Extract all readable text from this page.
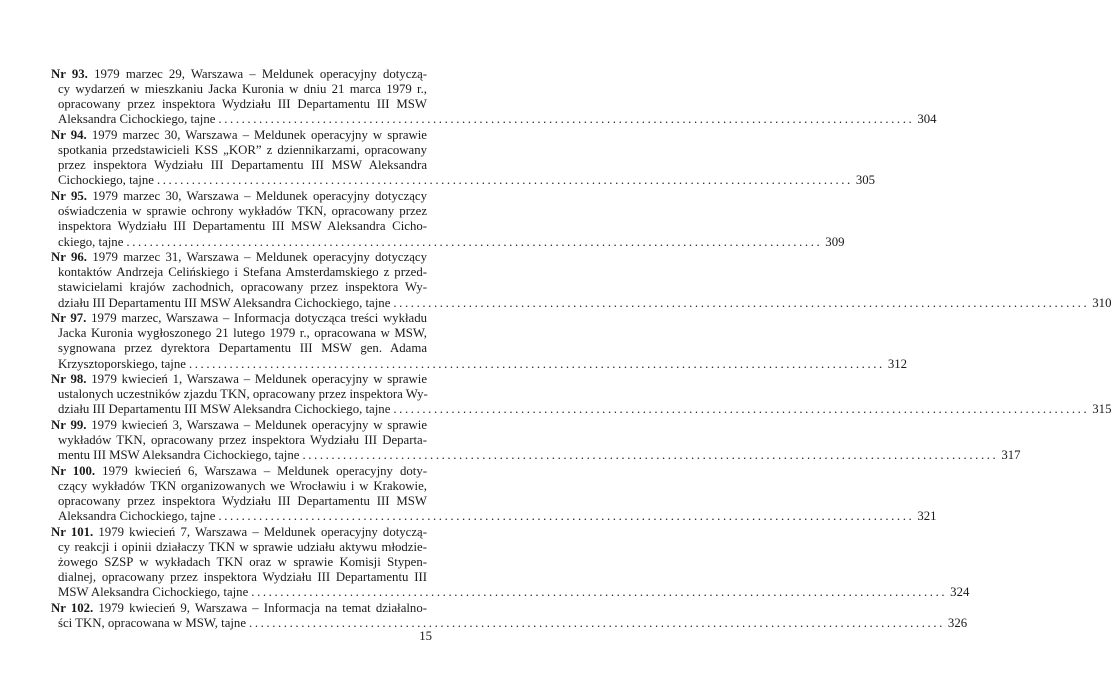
Nr 93. 1979 marzec 29, Warszawa – Meldunek operacyjny dotyczą-
cy wydarzeń w mieszkaniu Jacka Kuronia w dniu 21 marca 1979 r.,
opracowany przez inspektora Wydziału III Departamentu III MSW
Aleksandra Cichockiego, tajne ........................................................................................................................ 304
Nr 94. 1979 marzec 30, Warszawa – Meldunek operacyjny w sprawie
spotkania przedstawicieli KSS „KOR” z dziennikarzami, opracowany
przez inspektora Wydziału III Departamentu III MSW Aleksandra
Cichockiego, tajne ........................................................................................................................ 305
Nr 95. 1979 marzec 30, Warszawa – Meldunek operacyjny dotyczący
oświadczenia w sprawie ochrony wykładów TKN, opracowany przez
inspektora Wydziału III Departamentu III MSW Aleksandra Cicho-
ckiego, tajne ........................................................................................................................ 309
Nr 96. 1979 marzec 31, Warszawa – Meldunek operacyjny dotyczący
kontaktów Andrzeja Celińskiego i Stefana Amsterdamskiego z przed-
stawicielami krajów zachodnich, opracowany przez inspektora Wy-
działu III Departamentu III MSW Aleksandra Cichockiego, tajne ........................................................................................................................ 310
Nr 97. 1979 marzec, Warszawa – Informacja dotycząca treści wykładu
Jacka Kuronia wygłoszonego 21 lutego 1979 r., opracowana w MSW,
sygnowana przez dyrektora Departamentu III MSW gen. Adama
Krzysztoporskiego, tajne ........................................................................................................................ 312
Nr 98. 1979 kwiecień 1, Warszawa – Meldunek operacyjny w sprawie
ustalonych uczestników zjazdu TKN, opracowany przez inspektora Wy-
działu III Departamentu III MSW Aleksandra Cichockiego, tajne ........................................................................................................................ 315
Nr 99. 1979 kwiecień 3, Warszawa – Meldunek operacyjny w sprawie
wykładów TKN, opracowany przez inspektora Wydziału III Departa-
mentu III MSW Aleksandra Cichockiego, tajne ........................................................................................................................ 317
Nr 100. 1979 kwiecień 6, Warszawa – Meldunek operacyjny doty-
czący wykładów TKN organizowanych we Wrocławiu i w Krakowie,
opracowany przez inspektora Wydziału III Departamentu III MSW
Aleksandra Cichockiego, tajne ........................................................................................................................ 321
Nr 101. 1979 kwiecień 7, Warszawa – Meldunek operacyjny dotyczą-
cy reakcji i opinii działaczy TKN w sprawie udziału aktywu młodzie-
żowego SZSP w wykładach TKN oraz w sprawie Komisji Stypen-
dialnej, opracowany przez inspektora Wydziału III Departamentu III
MSW Aleksandra Cichockiego, tajne ........................................................................................................................ 324
Nr 102. 1979 kwiecień 9, Warszawa – Informacja na temat działalno-
ści TKN, opracowana w MSW, tajne ........................................................................................................................ 326
15
